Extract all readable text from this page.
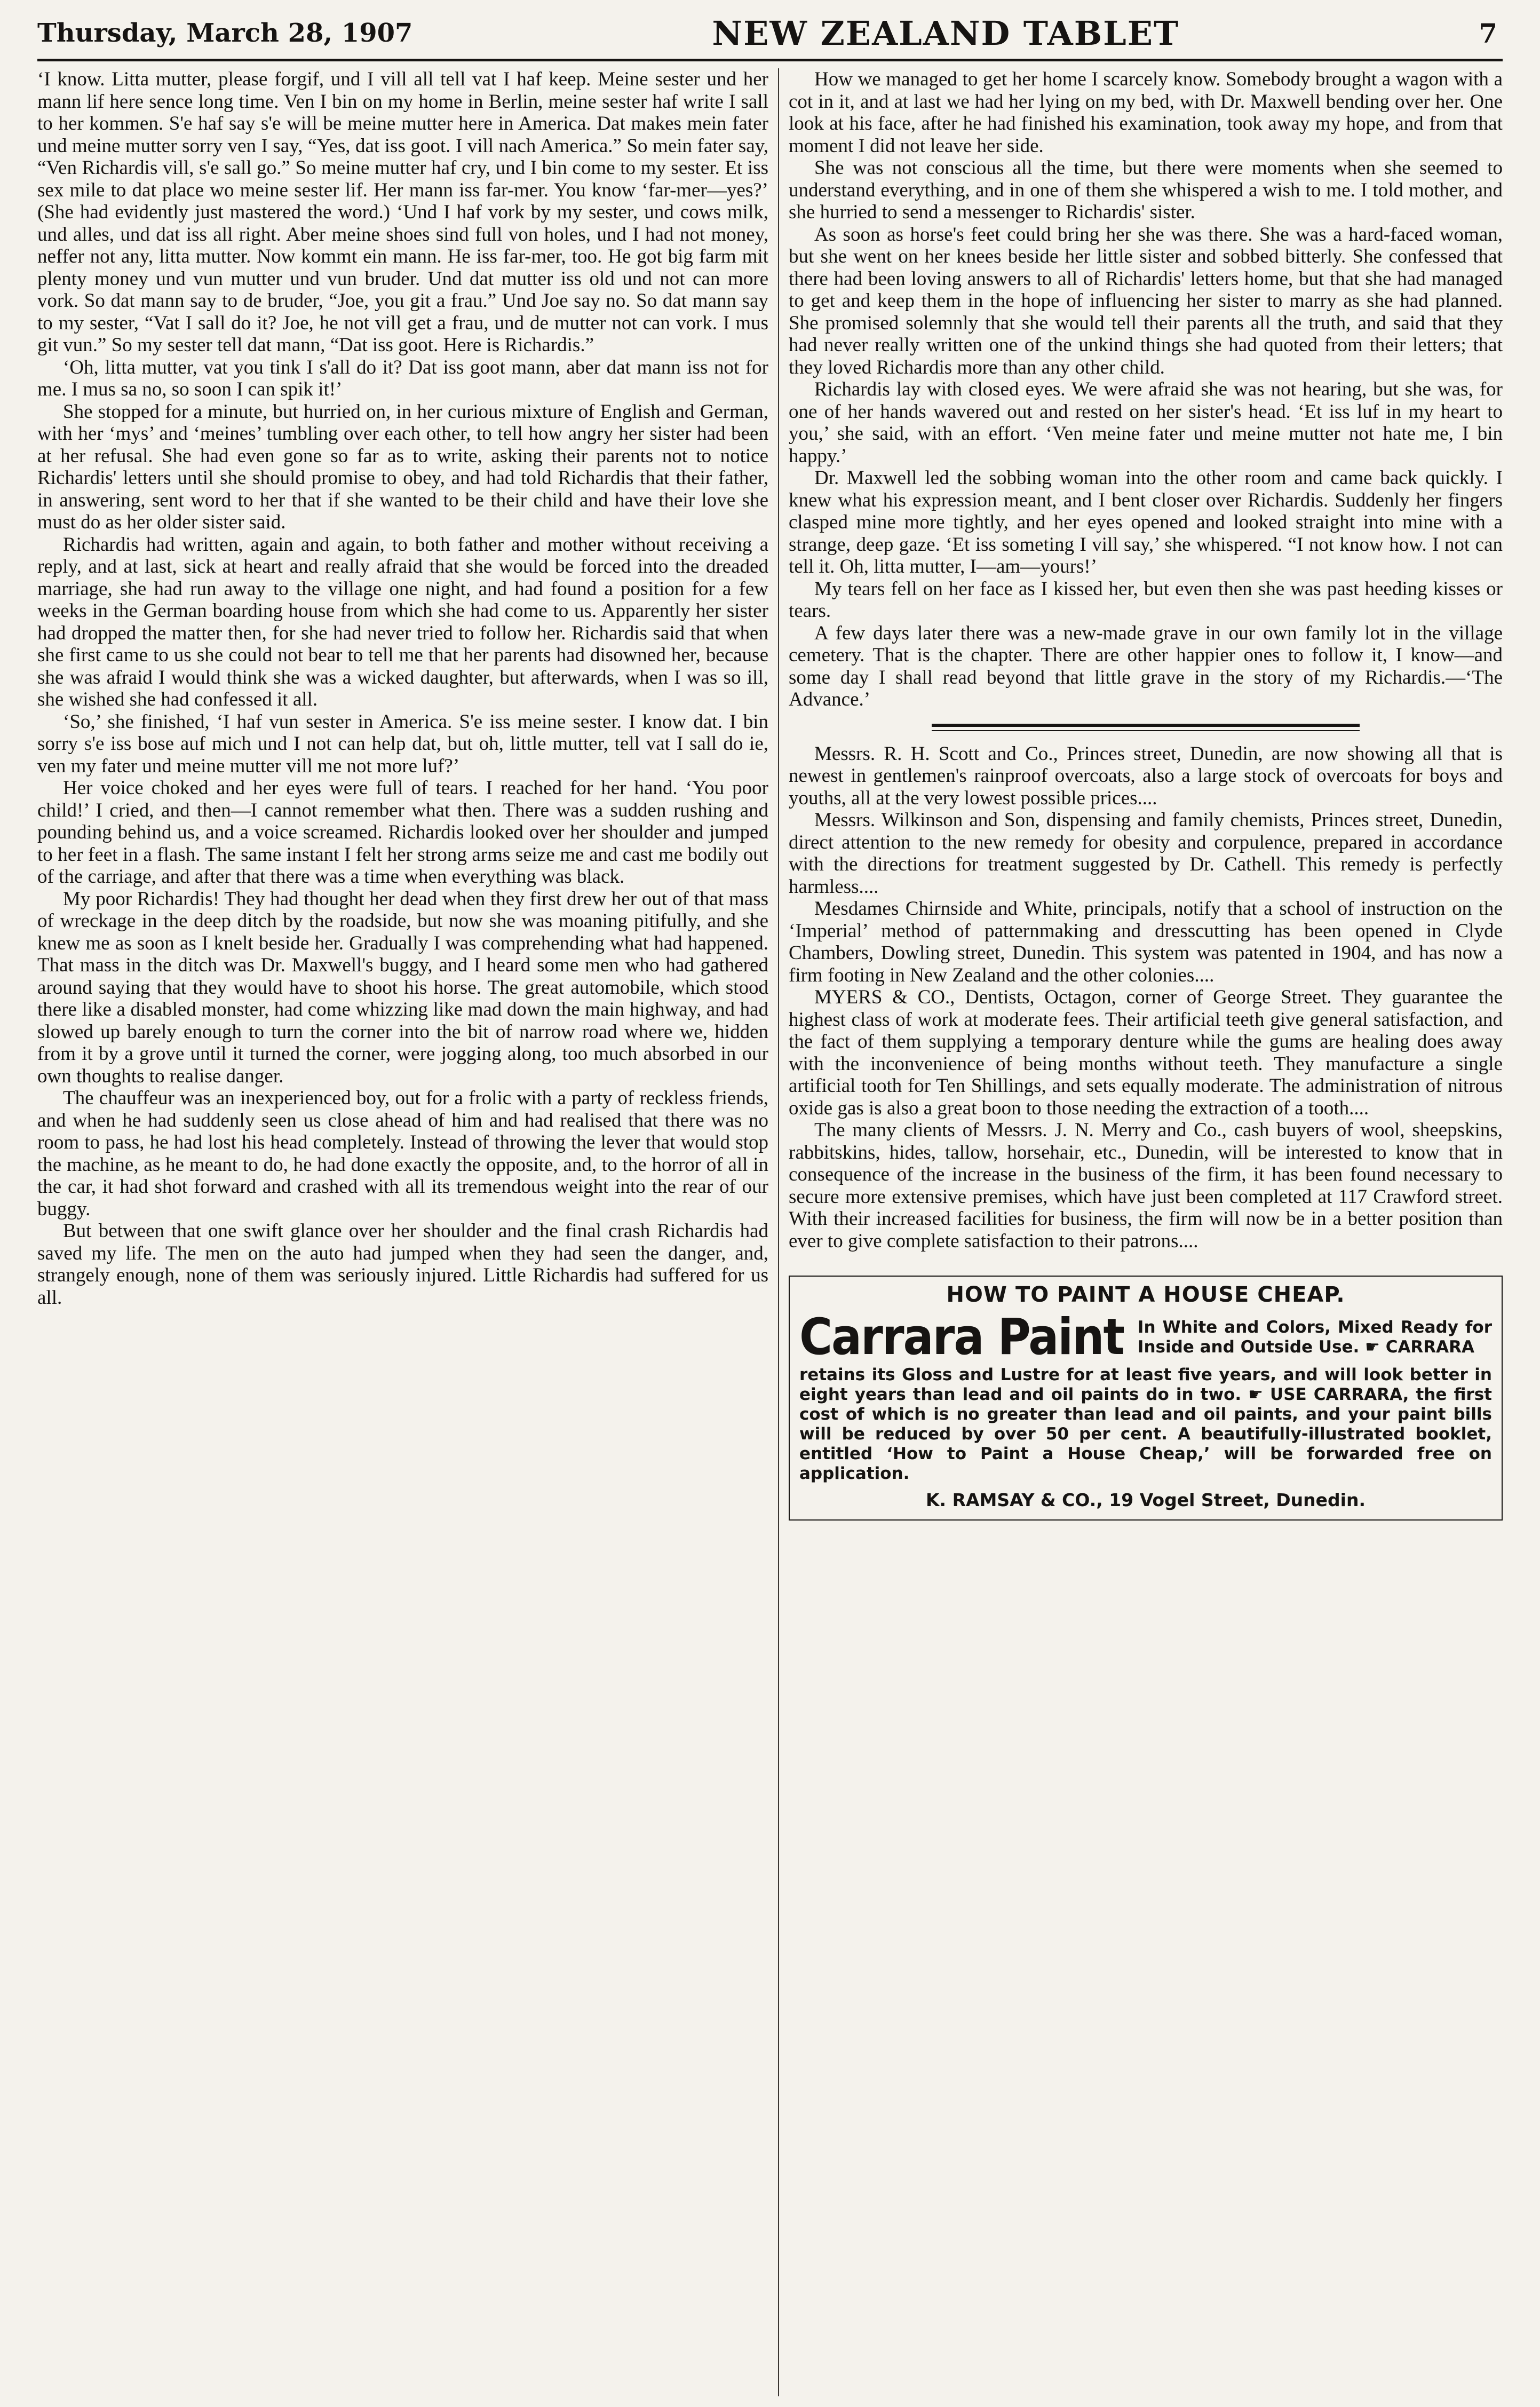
Thursday, March 28, 1907	NEW ZEALAND TABLET	7

‘I know. Litta mutter, please forgif, und I vill all tell vat I haf keep. Meine sester und her mann lif here sence long time. Ven I bin on my home in Berlin, meine sester haf write I sall to her kommen. S'e haf say s'e will be meine mutter here in America. Dat makes mein fater und meine mutter sorry ven I say, “Yes, dat iss goot. I vill nach America.” So mein fater say, “Ven Richardis vill, s'e sall go.” So meine mutter haf cry, und I bin come to my sester. Et iss sex mile to dat place wo meine sester lif. Her mann iss far-mer. You know ‘far-mer—yes?’ (She had evidently just mastered the word.) ‘Und I haf vork by my sester, und cows milk, und alles, und dat iss all right. Aber meine shoes sind full von holes, und I had not money, neffer not any, litta mutter. Now kommt ein mann. He iss far-mer, too. He got big farm mit plenty money und vun mutter und vun bruder. Und dat mutter iss old und not can more vork. So dat mann say to de bruder, “Joe, you git a frau.” Und Joe say no. So dat mann say to my sester, “Vat I sall do it? Joe, he not vill get a frau, und de mutter not can vork. I mus git vun.” So my sester tell dat mann, “Dat iss goot. Here is Richardis.”

‘Oh, litta mutter, vat you tink I s'all do it? Dat iss goot mann, aber dat mann iss not for me. I mus sa no, so soon I can spik it!’

She stopped for a minute, but hurried on, in her curious mixture of English and German, with her ‘mys’ and ‘meines’ tumbling over each other, to tell how angry her sister had been at her refusal. She had even gone so far as to write, asking their parents not to notice Richardis' letters until she should promise to obey, and had told Richardis that their father, in answering, sent word to her that if she wanted to be their child and have their love she must do as her older sister said.

Richardis had written, again and again, to both father and mother without receiving a reply, and at last, sick at heart and really afraid that she would be forced into the dreaded marriage, she had run away to the village one night, and had found a position for a few weeks in the German boarding house from which she had come to us. Apparently her sister had dropped the matter then, for she had never tried to follow her. Richardis said that when she first came to us she could not bear to tell me that her parents had disowned her, because she was afraid I would think she was a wicked daughter, but afterwards, when I was so ill, she wished she had confessed it all.

‘So,’ she finished, ‘I haf vun sester in America. S'e iss meine sester. I know dat. I bin sorry s'e iss bose auf mich und I not can help dat, but oh, little mutter, tell vat I sall do ie, ven my fater und meine mutter vill me not more luf?’

Her voice choked and her eyes were full of tears. I reached for her hand. ‘You poor child!’ I cried, and then—I cannot remember what then. There was a sudden rushing and pounding behind us, and a voice screamed. Richardis looked over her shoulder and jumped to her feet in a flash. The same instant I felt her strong arms seize me and cast me bodily out of the carriage, and after that there was a time when everything was black.

My poor Richardis! They had thought her dead when they first drew her out of that mass of wreckage in the deep ditch by the roadside, but now she was moaning pitifully, and she knew me as soon as I knelt beside her. Gradually I was comprehending what had happened. That mass in the ditch was Dr. Maxwell's buggy, and I heard some men who had gathered around saying that they would have to shoot his horse. The great automobile, which stood there like a disabled monster, had come whizzing like mad down the main highway, and had slowed up barely enough to turn the corner into the bit of narrow road where we, hidden from it by a grove until it turned the corner, were jogging along, too much absorbed in our own thoughts to realise danger.

The chauffeur was an inexperienced boy, out for a frolic with a party of reckless friends, and when he had suddenly seen us close ahead of him and had realised that there was no room to pass, he had lost his head completely. Instead of throwing the lever that would stop the machine, as he meant to do, he had done exactly the opposite, and, to the horror of all in the car, it had shot forward and crashed with all its tremendous weight into the rear of our buggy.

But between that one swift glance over her shoulder and the final crash Richardis had saved my life. The men on the auto had jumped when they had seen the danger, and, strangely enough, none of them was seriously injured. Little Richardis had suffered for us all.

How we managed to get her home I scarcely know. Somebody brought a wagon with a cot in it, and at last we had her lying on my bed, with Dr. Maxwell bending over her. One look at his face, after he had finished his examination, took away my hope, and from that moment I did not leave her side.

She was not conscious all the time, but there were moments when she seemed to understand everything, and in one of them she whispered a wish to me. I told mother, and she hurried to send a messenger to Richardis' sister.

As soon as horse's feet could bring her she was there. She was a hard-faced woman, but she went on her knees beside her little sister and sobbed bitterly. She confessed that there had been loving answers to all of Richardis' letters home, but that she had managed to get and keep them in the hope of influencing her sister to marry as she had planned. She promised solemnly that she would tell their parents all the truth, and said that they had never really written one of the unkind things she had quoted from their letters; that they loved Richardis more than any other child.

Richardis lay with closed eyes. We were afraid she was not hearing, but she was, for one of her hands wavered out and rested on her sister's head. ‘Et iss luf in my heart to you,’ she said, with an effort. ‘Ven meine fater und meine mutter not hate me, I bin happy.’

Dr. Maxwell led the sobbing woman into the other room and came back quickly. I knew what his expression meant, and I bent closer over Richardis. Suddenly her fingers clasped mine more tightly, and her eyes opened and looked straight into mine with a strange, deep gaze. ‘Et iss someting I vill say,’ she whispered. “I not know how. I not can tell it. Oh, litta mutter, I—am—yours!’

My tears fell on her face as I kissed her, but even then she was past heeding kisses or tears.

A few days later there was a new-made grave in our own family lot in the village cemetery. That is the chapter. There are other happier ones to follow it, I know—and some day I shall read beyond that little grave in the story of my Richardis.—‘The Advance.’

Messrs. R. H. Scott and Co., Princes street, Dunedin, are now showing all that is newest in gentlemen's rainproof overcoats, also a large stock of overcoats for boys and youths, all at the very lowest possible prices....

Messrs. Wilkinson and Son, dispensing and family chemists, Princes street, Dunedin, direct attention to the new remedy for obesity and corpulence, prepared in accordance with the directions for treatment suggested by Dr. Cathell. This remedy is perfectly harmless....

Mesdames Chirnside and White, principals, notify that a school of instruction on the ‘Imperial’ method of patternmaking and dresscutting has been opened in Clyde Chambers, Dowling street, Dunedin. This system was patented in 1904, and has now a firm footing in New Zealand and the other colonies....

MYERS & CO., Dentists, Octagon, corner of George Street. They guarantee the highest class of work at moderate fees. Their artificial teeth give general satisfaction, and the fact of them supplying a temporary denture while the gums are healing does away with the inconvenience of being months without teeth. They manufacture a single artificial tooth for Ten Shillings, and sets equally moderate. The administration of nitrous oxide gas is also a great boon to those needing the extraction of a tooth....

The many clients of Messrs. J. N. Merry and Co., cash buyers of wool, sheepskins, rabbitskins, hides, tallow, horsehair, etc., Dunedin, will be interested to know that in consequence of the increase in the business of the firm, it has been found necessary to secure more extensive premises, which have just been completed at 117 Crawford street. With their increased facilities for business, the firm will now be in a better position than ever to give complete satisfaction to their patrons....

HOW TO PAINT A HOUSE CHEAP.
Carrara Paint In White and Colors, Mixed Ready for Inside and Outside Use. ☛ CARRARA
retains its Gloss and Lustre for at least five years, and will look better in eight years than lead and oil paints do in two. ☛ USE CARRARA, the first cost of which is no greater than lead and oil paints, and your paint bills will be reduced by over 50 per cent. A beautifully-illustrated booklet, entitled ‘How to Paint a House Cheap,’ will be forwarded free on application.
K. RAMSAY & CO., 19 Vogel Street, Dunedin.
